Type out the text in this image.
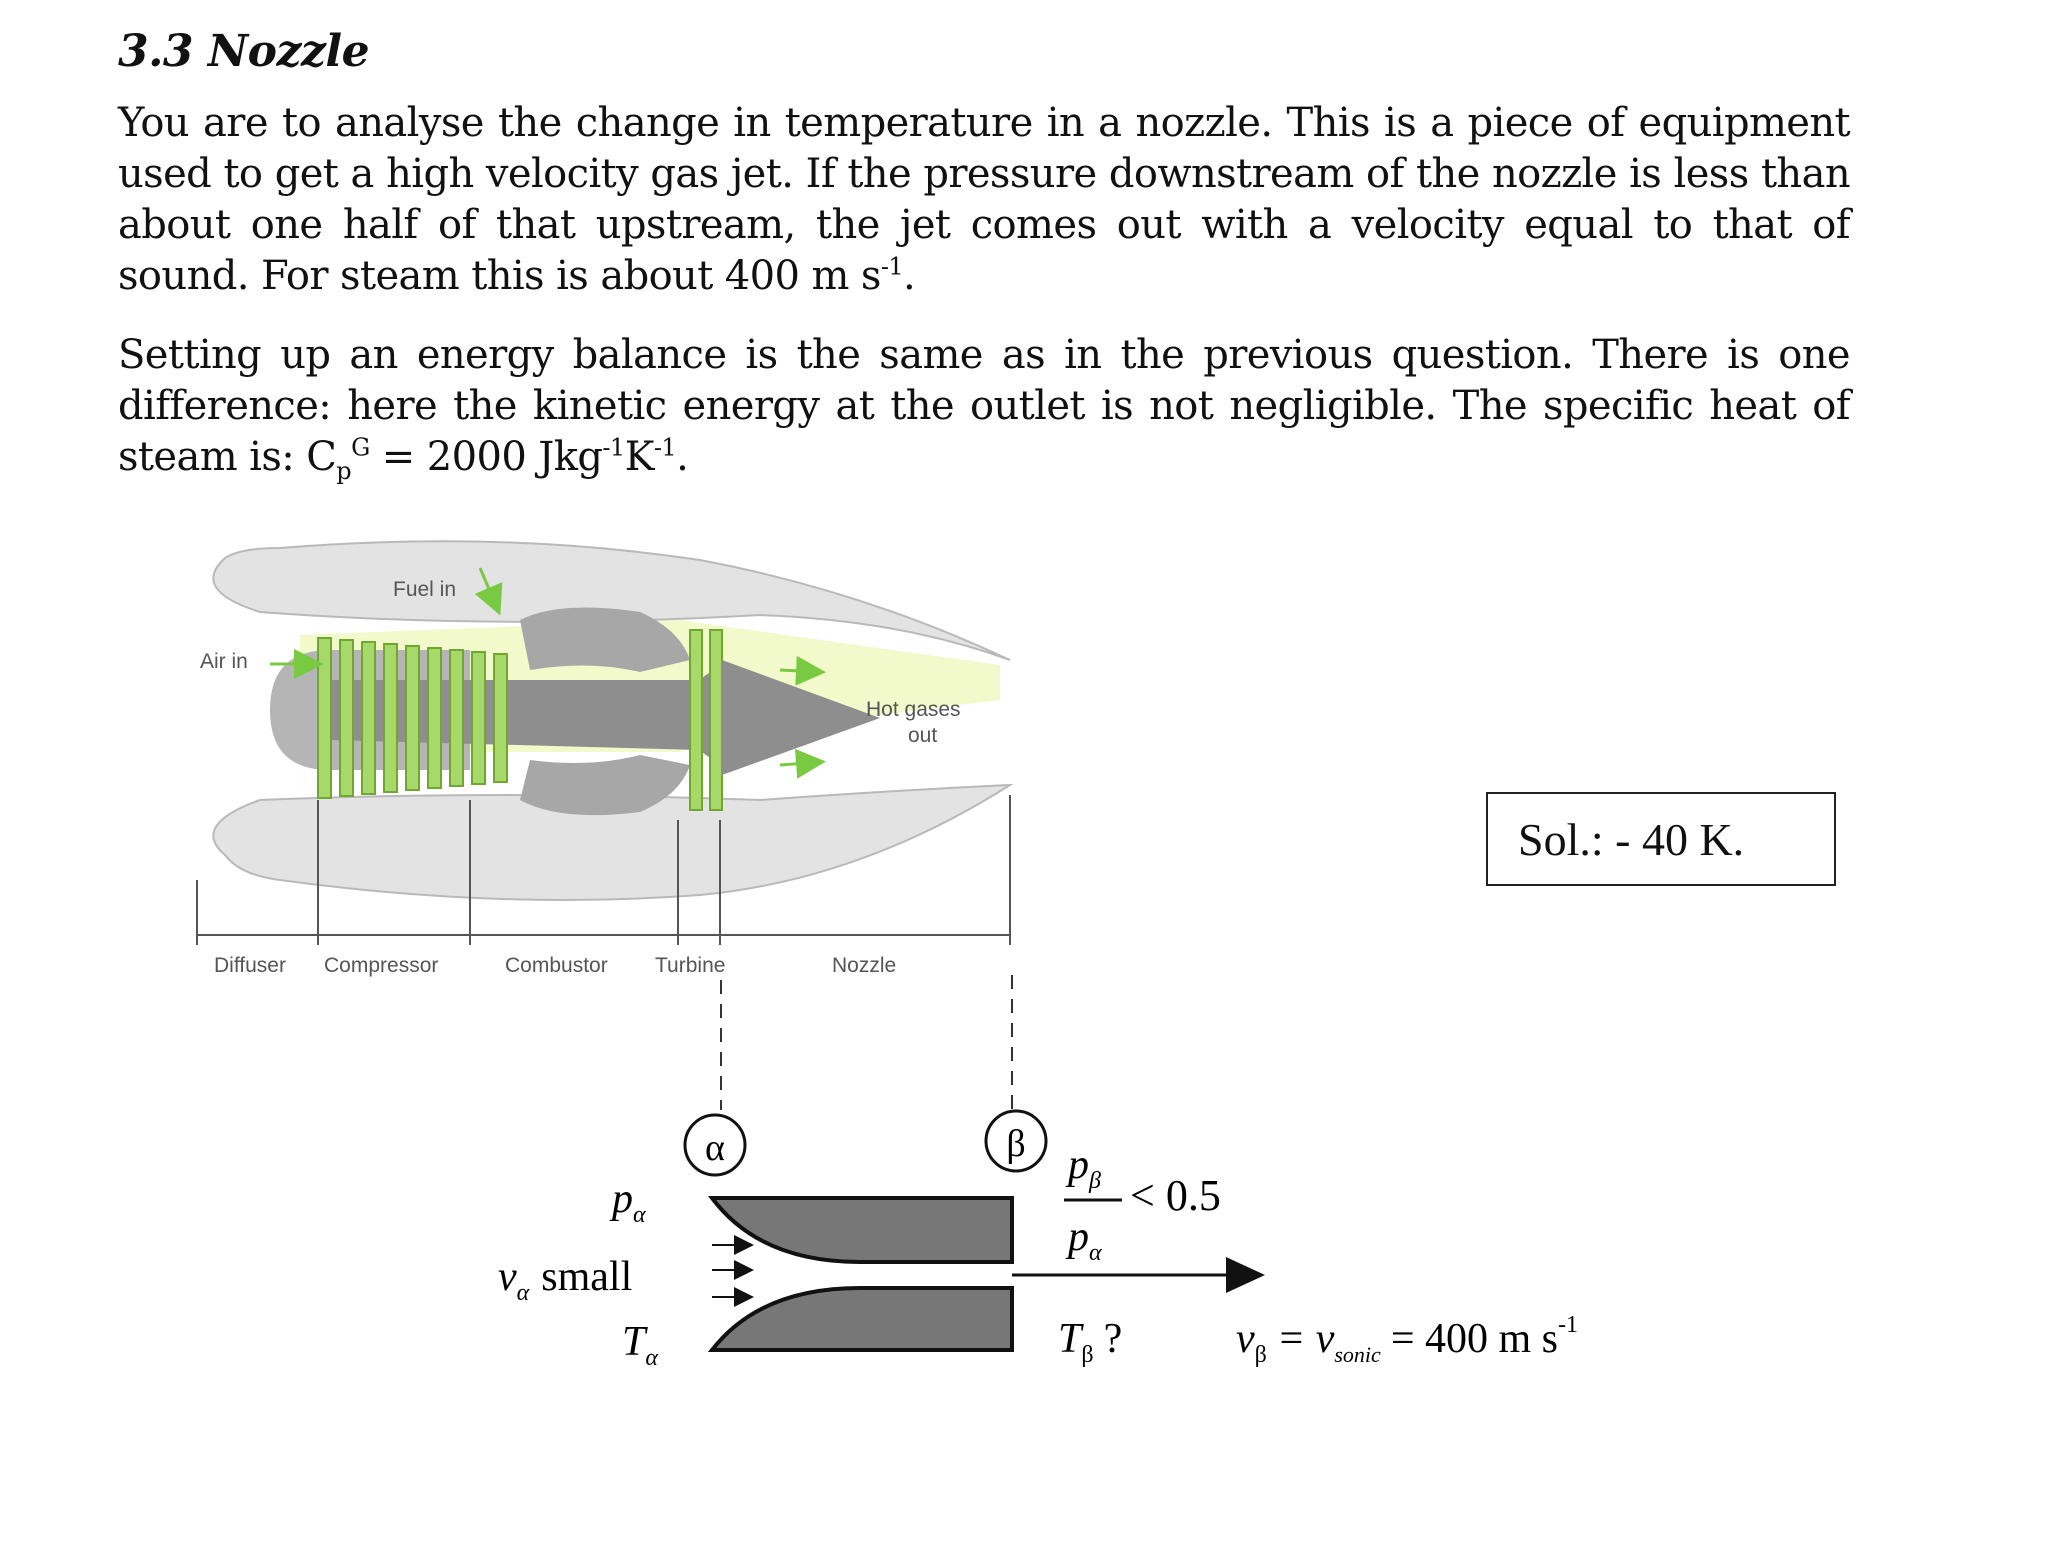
3.3 Nozzle

You are to analyse the change in temperature in a nozzle. This is a piece of equipment used to get a high velocity gas jet. If the pressure downstream of the nozzle is less than about one half of that upstream, the jet comes out with a velocity equal to that of sound. For steam this is about 400 m $s^{-1}$.

Setting up an energy balance is the same as in the previous question. There is one difference: here the kinetic energy at the outlet is not negligible. The specific heat of steam is: $C_p^G = 2000$ $Jkg^{-1}K^{-1}$.

Sol.: - 40 K.
Fuel in
Air in
Hot gases
out
Diffuser Compressor	Combustor Turbine	Nozzle
α	β
$p_\alpha$
$v_\alpha$ small
$T_\alpha$
$p_\beta$
$p_\alpha$
< 0.5
$T_\beta$ ?	$v_\beta = v_{sonic} = 400$ m $s^{-1}$
